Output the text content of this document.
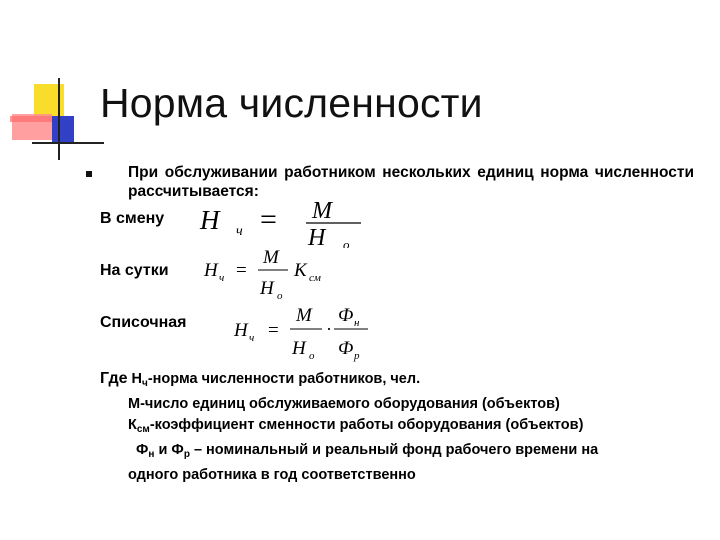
Норма численности
При обслуживании работником нескольких единиц норма численности рассчитывается:
В смену Н ч = М
Н о
На сутки Н ч =
М
Н о
К см
Списочная Н ч =
М
Н о
·
Ф н
Ф р
Где $Н_ч$-норма численности работников, чел.
М-число единиц обслуживаемого оборудования (объектов)
$К_{см}$-коэффициент сменности работы оборудования (объектов)
$Ф_н$ и $Ф_р$ – номинальный и реальный фонд рабочего времени на
одного работника в год соответственно
